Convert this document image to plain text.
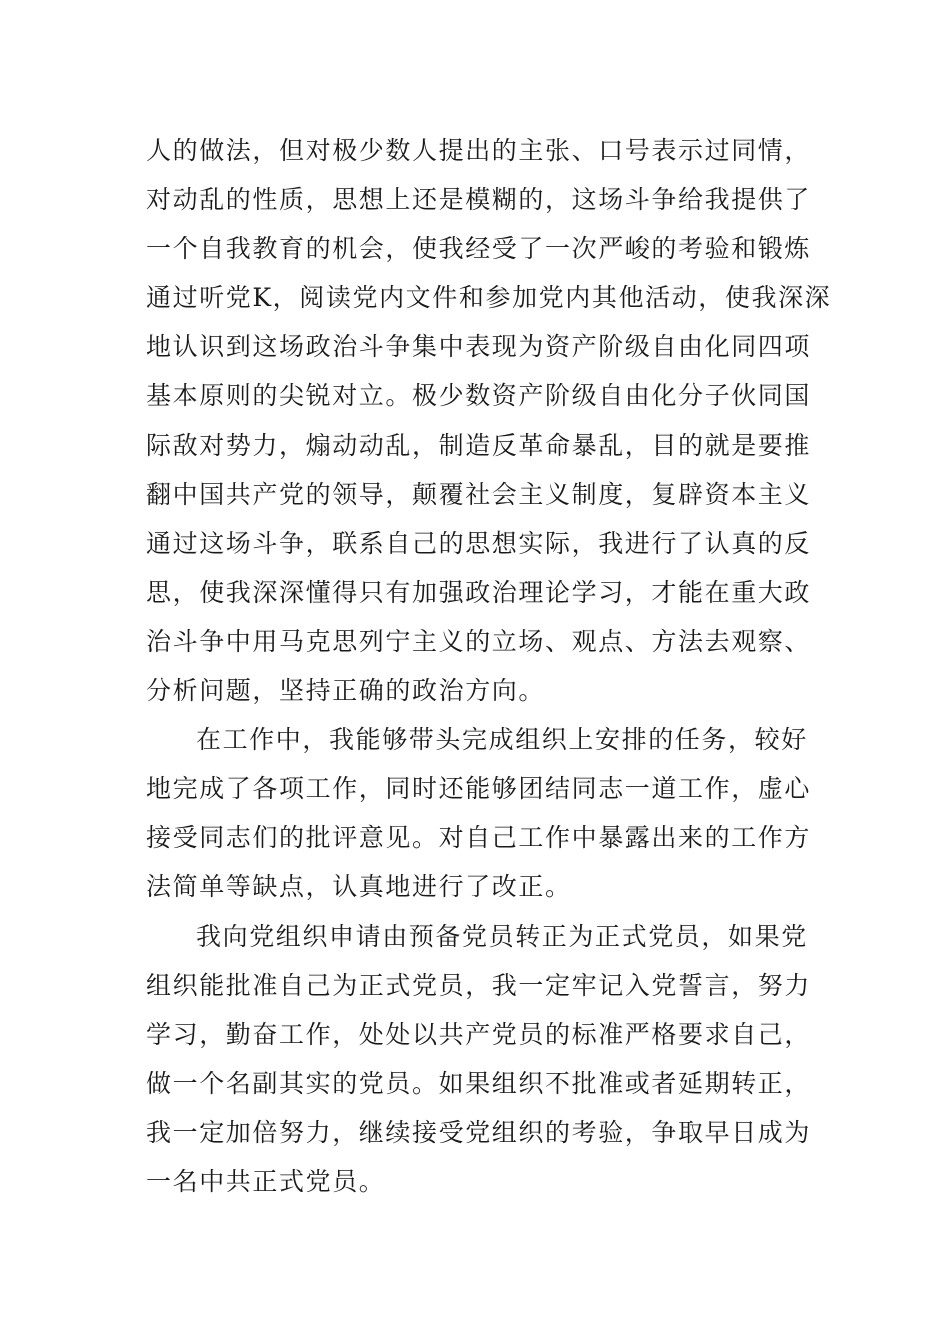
人的做法，但对极少数人提出的主张、口号表示过同情，
对动乱的性质，思想上还是模糊的，这场斗争给我提供了
一个自我教育的机会，使我经受了一次严峻的考验和锻炼
通过听党K，阅读党内文件和参加党内其他活动，使我深深
地认识到这场政治斗争集中表现为资产阶级自由化同四项
基本原则的尖锐对立。极少数资产阶级自由化分子伙同国
际敌对势力，煽动动乱，制造反革命暴乱，目的就是要推
翻中国共产党的领导，颠覆社会主义制度，复辟资本主义
通过这场斗争，联系自己的思想实际，我进行了认真的反
思，使我深深懂得只有加强政治理论学习，才能在重大政
治斗争中用马克思列宁主义的立场、观点、方法去观察、
分析问题，坚持正确的政治方向。
在工作中，我能够带头完成组织上安排的任务，较好
地完成了各项工作，同时还能够团结同志一道工作，虚心
接受同志们的批评意见。对自己工作中暴露出来的工作方
法简单等缺点，认真地进行了改正。
我向党组织申请由预备党员转正为正式党员，如果党
组织能批准自己为正式党员，我一定牢记入党誓言，努力
学习，勤奋工作，处处以共产党员的标准严格要求自己，
做一个名副其实的党员。如果组织不批准或者延期转正，
我一定加倍努力，继续接受党组织的考验，争取早日成为
一名中共正式党员。
